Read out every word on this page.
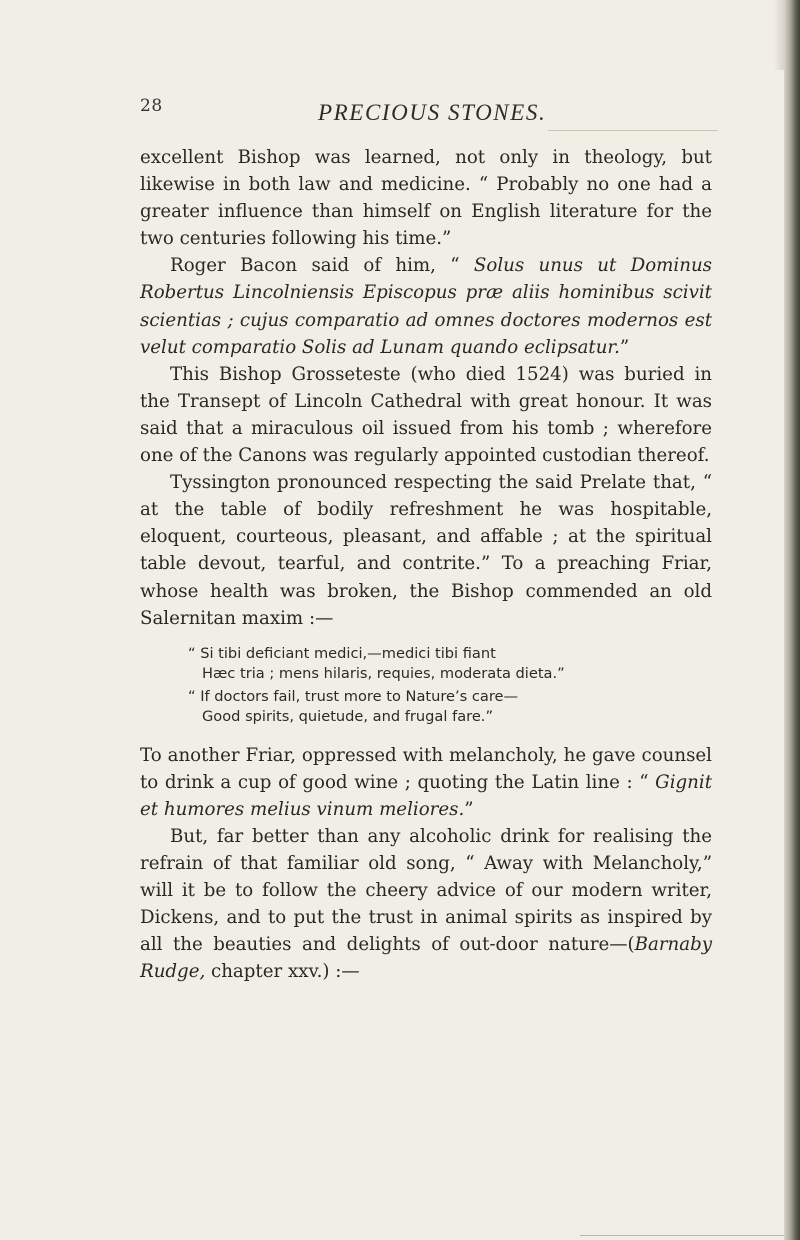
28	PRECIOUS STONES.

excellent Bishop was learned, not only in theology, but likewise in both law and medicine. “ Probably no one had a greater influence than himself on English literature for the two centuries following his time.”

Roger Bacon said of him, “ Solus unus ut Dominus Robertus Lincolniensis Episcopus præ aliis hominibus scivit scientias ; cujus comparatio ad omnes doctores modernos est velut comparatio Solis ad Lunam quando eclipsatur.”

This Bishop Grosseteste (who died 1524) was buried in the Transept of Lincoln Cathedral with great honour. It was said that a miraculous oil issued from his tomb ; wherefore one of the Canons was regularly appointed custodian thereof.

Tyssington pronounced respecting the said Prelate that, “ at the table of bodily refreshment he was hospitable, eloquent, courteous, pleasant, and affable ; at the spiritual table devout, tearful, and contrite.” To a preaching Friar, whose health was broken, the Bishop commended an old Salernitan maxim :—

“ Si tibi deficiant medici,—medici tibi fiant
Hæc tria ; mens hilaris, requies, moderata dieta.”

“ If doctors fail, trust more to Nature’s care—
Good spirits, quietude, and frugal fare.”

To another Friar, oppressed with melancholy, he gave counsel to drink a cup of good wine ; quoting the Latin line : “ Gignit et humores melius vinum meliores.”

But, far better than any alcoholic drink for realising the refrain of that familiar old song, “ Away with Melancholy,” will it be to follow the cheery advice of our modern writer, Dickens, and to put the trust in animal spirits as inspired by all the beauties and delights of out-door nature—(Barnaby Rudge, chapter xxv.) :—
